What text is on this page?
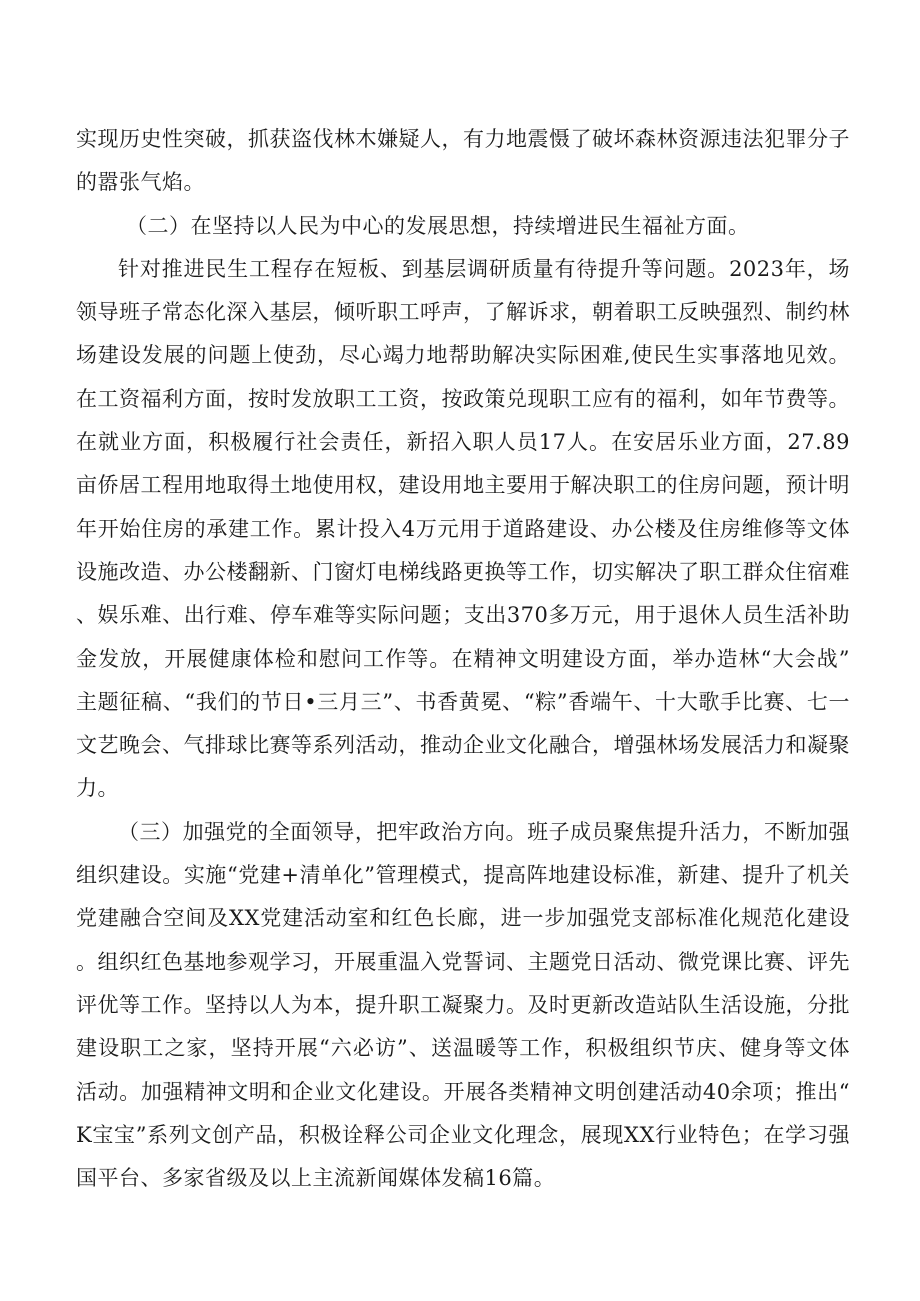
实现历史性突破，抓获盗伐林木嫌疑人，有力地震慑了破坏森林资源违法犯罪分子的嚣张气焰。

（二）在坚持以人民为中心的发展思想，持续增进民生福祉方面。

针对推进民生工程存在短板、到基层调研质量有待提升等问题。2023年，场领导班子常态化深入基层，倾听职工呼声，了解诉求，朝着职工反映强烈、制约林场建设发展的问题上使劲，尽心竭力地帮助解决实际困难,使民生实事落地见效。在工资福利方面，按时发放职工工资，按政策兑现职工应有的福利，如年节费等。在就业方面，积极履行社会责任，新招入职人员17人。在安居乐业方面，27.89亩侨居工程用地取得土地使用权，建设用地主要用于解决职工的住房问题，预计明年开始住房的承建工作。累计投入4万元用于道路建设、办公楼及住房维修等文体设施改造、办公楼翻新、门窗灯电梯线路更换等工作，切实解决了职工群众住宿难、娱乐难、出行难、停车难等实际问题；支出370多万元，用于退休人员生活补助金发放，开展健康体检和慰问工作等。在精神文明建设方面，举办造林“大会战”主题征稿、“我们的节日•三月三”、书香黄冕、“粽”香端午、十大歌手比赛、七一文艺晚会、气排球比赛等系列活动，推动企业文化融合，增强林场发展活力和凝聚力。

（三）加强党的全面领导，把牢政治方向。班子成员聚焦提升活力，不断加强组织建设。实施“党建+清单化”管理模式，提高阵地建设标准，新建、提升了机关党建融合空间及XX党建活动室和红色长廊，进一步加强党支部标准化规范化建设。组织红色基地参观学习，开展重温入党誓词、主题党日活动、微党课比赛、评先评优等工作。坚持以人为本，提升职工凝聚力。及时更新改造站队生活设施，分批建设职工之家，坚持开展“六必访”、送温暖等工作，积极组织节庆、健身等文体活动。加强精神文明和企业文化建设。开展各类精神文明创建活动40余项；推出“K宝宝”系列文创产品，积极诠释公司企业文化理念，展现XX行业特色；在学习强国平台、多家省级及以上主流新闻媒体发稿16篇。
